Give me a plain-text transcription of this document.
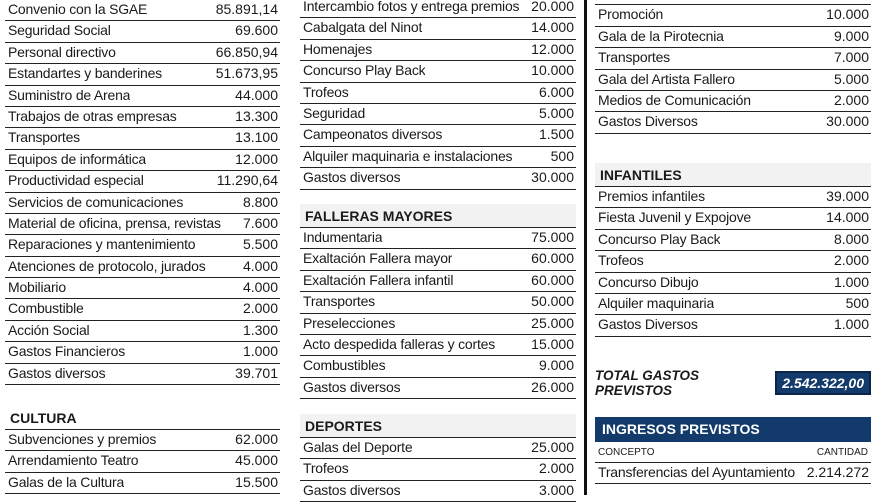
Convenio con la SGAE	85.891,14
Seguridad Social	69.600
Personal directivo	66.850,94
Estandartes y banderines	51.673,95
Suministro de Arena	44.000
Trabajos de otras empresas	13.300
Transportes	13.100
Equipos de informática	12.000
Productividad especial	11.290,64
Servicios de comunicaciones	8.800
Material de oficina, prensa, revistas 7.600
Reparaciones y mantenimiento	5.500
Atenciones de protocolo, jurados	4.000
Mobiliario	4.000
Combustible	2.000
Acción Social	1.300
Gastos Financieros	1.000
Gastos diversos	39.701
CULTURA
Subvenciones y premios	62.000
Arrendamiento Teatro	45.000
Galas de la Cultura	15.500
Intercambio fotos y entrega premios 20.000
Cabalgata del Ninot	14.000
Homenajes	12.000
Concurso Play Back	10.000
Trofeos	6.000
Seguridad	5.000
Campeonatos diversos	1.500
Alquiler maquinaria e instalaciones	500
Gastos diversos	30.000
FALLERAS MAYORES
Indumentaria	75.000
Exaltación Fallera mayor	60.000
Exaltación Fallera infantil	60.000
Transportes	50.000
Preselecciones	25.000
Acto despedida falleras y cortes	15.000
Combustibles	9.000
Gastos diversos	26.000
DEPORTES
Galas del Deporte	25.000
Trofeos	2.000
Gastos diversos	3.000
Promoción	10.000
Gala de la Pirotecnia	9.000
Transportes	7.000
Gala del Artista Fallero	5.000
Medios de Comunicación	2.000
Gastos Diversos	30.000
INFANTILES
Premios infantiles	39.000
Fiesta Juvenil y Expojove	14.000
Concurso Play Back	8.000
Trofeos	2.000
Concurso Dibujo	1.000
Alquiler maquinaria	500
Gastos Diversos	1.000
TOTAL GASTOS PREVISTOS	2.542.322,00
INGRESOS PREVISTOS
CONCEPTO	CANTIDAD
Transferencias del Ayuntamiento 2.214.272
